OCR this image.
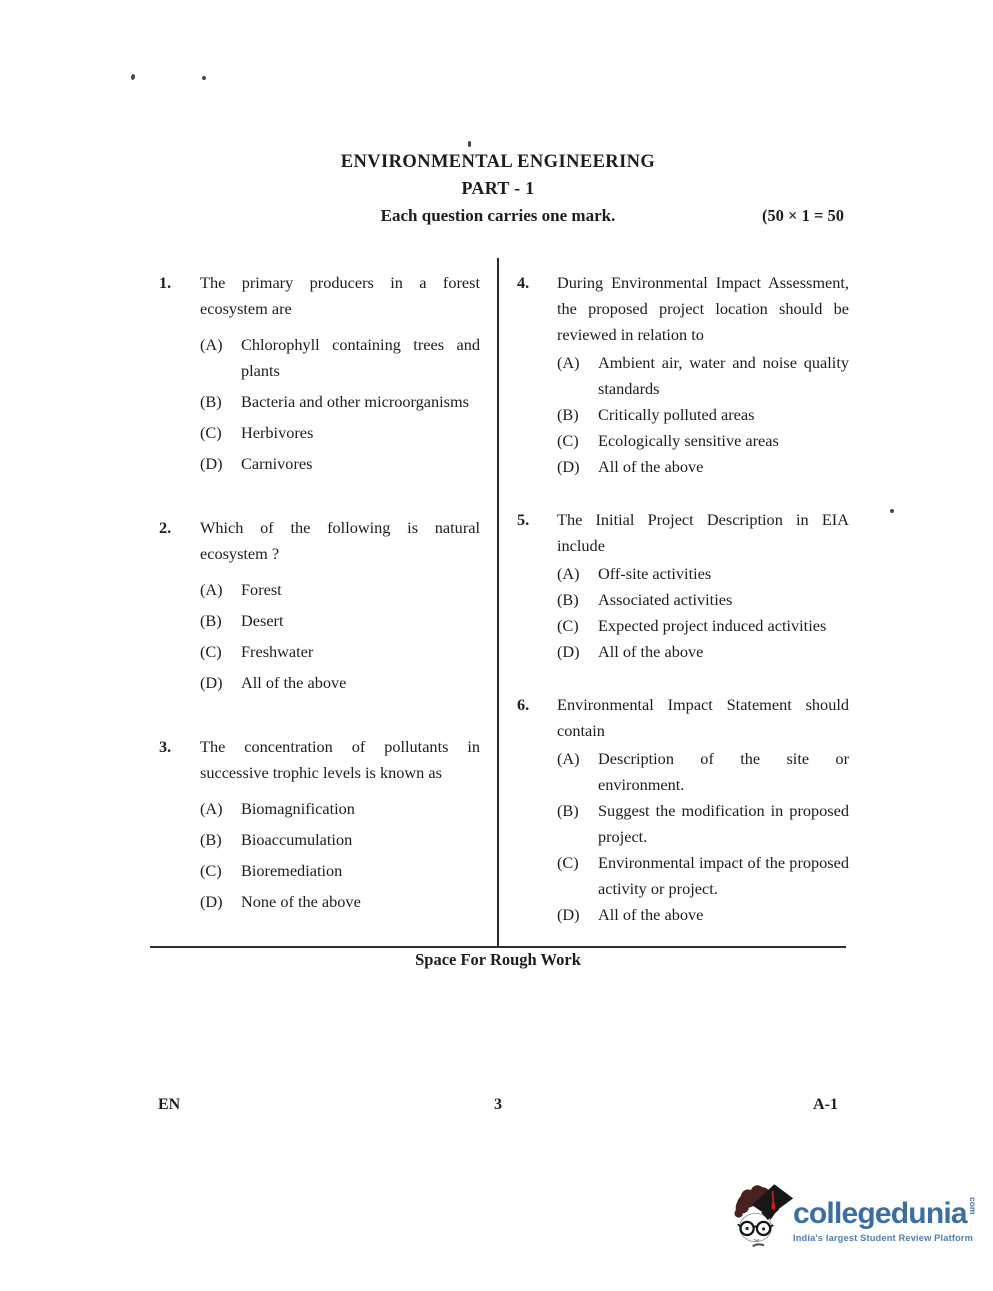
ENVIRONMENTAL ENGINEERING
PART - 1
Each question carries one mark.	(50 × 1 = 50
1.	The primary producers in a forest ecosystem are
(A)	Chlorophyll containing trees and plants
(B)	Bacteria and other microorganisms
(C)	Herbivores
(D)	Carnivores
2.	Which of the following is natural ecosystem ?
(A)	Forest
(B)	Desert
(C)	Freshwater
(D)	All of the above
3.	The concentration of pollutants in successive trophic levels is known as
(A)	Biomagnification
(B)	Bioaccumulation
(C)	Bioremediation
(D)	None of the above
4.	During Environmental Impact Assessment, the proposed project location should be reviewed in relation to
(A)	Ambient air, water and noise quality standards
(B)	Critically polluted areas
(C)	Ecologically sensitive areas
(D)	All of the above
5.	The Initial Project Description in EIA include
(A)	Off-site activities
(B)	Associated activities
(C)	Expected project induced activities
(D)	All of the above
6.	Environmental Impact Statement should contain
(A)	Description of the site or environment.
(B)	Suggest the modification in proposed project.
(C)	Environmental impact of the proposed activity or project.
(D)	All of the above
Space For Rough Work
EN	3	A-1
collegeduniacom
India's largest Student Review Platform
